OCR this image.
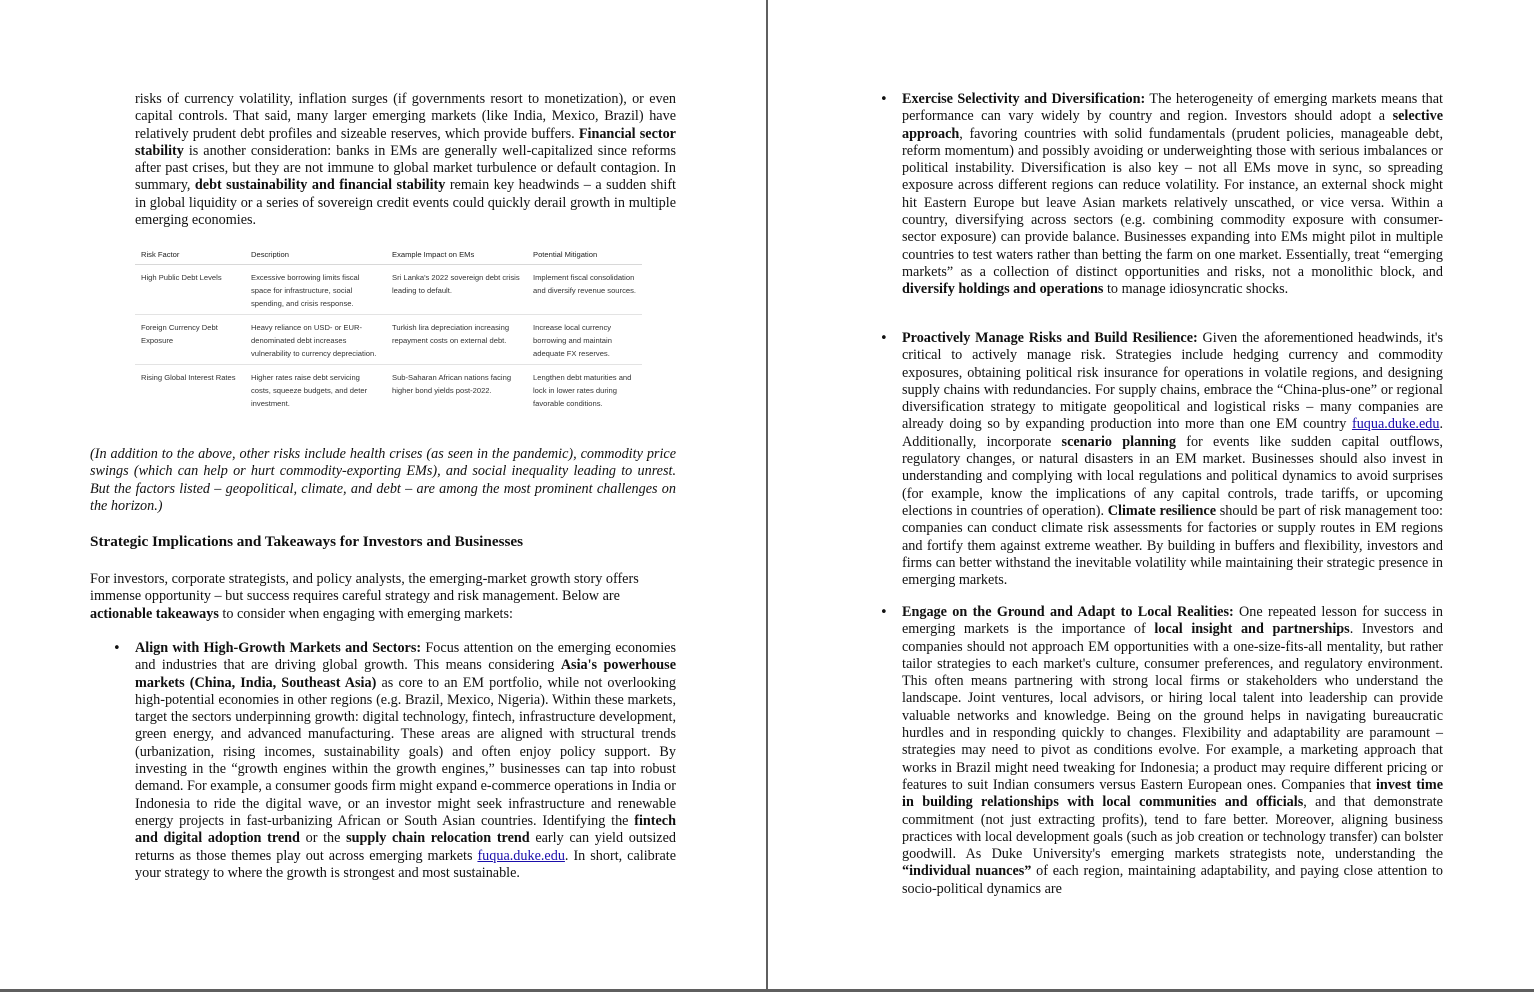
risks of currency volatility, inflation surges (if governments resort to monetization), or even capital controls. That said, many larger emerging markets (like India, Mexico, Brazil) have relatively prudent debt profiles and sizeable reserves, which provide buffers. Financial sector stability is another consideration: banks in EMs are generally well-capitalized since reforms after past crises, but they are not immune to global market turbulence or default contagion. In summary, debt sustainability and financial stability remain key headwinds – a sudden shift in global liquidity or a series of sovereign credit events could quickly derail growth in multiple emerging economies.

Risk Factor	Description	Example Impact on EMs	Potential Mitigation
High Public Debt Levels	Excessive borrowing limits fiscal space for infrastructure, social spending, and crisis response.	Sri Lanka's 2022 sovereign debt crisis leading to default.	Implement fiscal consolidation and diversify revenue sources.
Foreign Currency Debt Exposure	Heavy reliance on USD- or EUR-denominated debt increases vulnerability to currency depreciation.	Turkish lira depreciation increasing repayment costs on external debt.	Increase local currency borrowing and maintain adequate FX reserves.
Rising Global Interest Rates	Higher rates raise debt servicing costs, squeeze budgets, and deter investment.	Sub-Saharan African nations facing higher bond yields post-2022.	Lengthen debt maturities and lock in lower rates during favorable conditions.

(In addition to the above, other risks include health crises (as seen in the pandemic), commodity price swings (which can help or hurt commodity-exporting EMs), and social inequality leading to unrest. But the factors listed – geopolitical, climate, and debt – are among the most prominent challenges on the horizon.)

Strategic Implications and Takeaways for Investors and Businesses

For investors, corporate strategists, and policy analysts, the emerging-market growth story offers immense opportunity – but success requires careful strategy and risk management. Below are actionable takeaways to consider when engaging with emerging markets:

• Align with High-Growth Markets and Sectors: Focus attention on the emerging economies and industries that are driving global growth. This means considering Asia's powerhouse markets (China, India, Southeast Asia) as core to an EM portfolio, while not overlooking high-potential economies in other regions (e.g. Brazil, Mexico, Nigeria). Within these markets, target the sectors underpinning growth: digital technology, fintech, infrastructure development, green energy, and advanced manufacturing. These areas are aligned with structural trends (urbanization, rising incomes, sustainability goals) and often enjoy policy support. By investing in the “growth engines within the growth engines,” businesses can tap into robust demand. For example, a consumer goods firm might expand e-commerce operations in India or Indonesia to ride the digital wave, or an investor might seek infrastructure and renewable energy projects in fast-urbanizing African or South Asian countries. Identifying the fintech and digital adoption trend or the supply chain relocation trend early can yield outsized returns as those themes play out across emerging markets fuqua.duke.edu. In short, calibrate your strategy to where the growth is strongest and most sustainable.

• Exercise Selectivity and Diversification: The heterogeneity of emerging markets means that performance can vary widely by country and region. Investors should adopt a selective approach, favoring countries with solid fundamentals (prudent policies, manageable debt, reform momentum) and possibly avoiding or underweighting those with serious imbalances or political instability. Diversification is also key – not all EMs move in sync, so spreading exposure across different regions can reduce volatility. For instance, an external shock might hit Eastern Europe but leave Asian markets relatively unscathed, or vice versa. Within a country, diversifying across sectors (e.g. combining commodity exposure with consumer-sector exposure) can provide balance. Businesses expanding into EMs might pilot in multiple countries to test waters rather than betting the farm on one market. Essentially, treat “emerging markets” as a collection of distinct opportunities and risks, not a monolithic block, and diversify holdings and operations to manage idiosyncratic shocks.

• Proactively Manage Risks and Build Resilience: Given the aforementioned headwinds, it's critical to actively manage risk. Strategies include hedging currency and commodity exposures, obtaining political risk insurance for operations in volatile regions, and designing supply chains with redundancies. For supply chains, embrace the “China-plus-one” or regional diversification strategy to mitigate geopolitical and logistical risks – many companies are already doing so by expanding production into more than one EM country fuqua.duke.edu. Additionally, incorporate scenario planning for events like sudden capital outflows, regulatory changes, or natural disasters in an EM market. Businesses should also invest in understanding and complying with local regulations and political dynamics to avoid surprises (for example, know the implications of any capital controls, trade tariffs, or upcoming elections in countries of operation). Climate resilience should be part of risk management too: companies can conduct climate risk assessments for factories or supply routes in EM regions and fortify them against extreme weather. By building in buffers and flexibility, investors and firms can better withstand the inevitable volatility while maintaining their strategic presence in emerging markets.

• Engage on the Ground and Adapt to Local Realities: One repeated lesson for success in emerging markets is the importance of local insight and partnerships. Investors and companies should not approach EM opportunities with a one-size-fits-all mentality, but rather tailor strategies to each market's culture, consumer preferences, and regulatory environment. This often means partnering with strong local firms or stakeholders who understand the landscape. Joint ventures, local advisors, or hiring local talent into leadership can provide valuable networks and knowledge. Being on the ground helps in navigating bureaucratic hurdles and in responding quickly to changes. Flexibility and adaptability are paramount – strategies may need to pivot as conditions evolve. For example, a marketing approach that works in Brazil might need tweaking for Indonesia; a product may require different pricing or features to suit Indian consumers versus Eastern European ones. Companies that invest time in building relationships with local communities and officials, and that demonstrate commitment (not just extracting profits), tend to fare better. Moreover, aligning business practices with local development goals (such as job creation or technology transfer) can bolster goodwill. As Duke University's emerging markets strategists note, understanding the “individual nuances” of each region, maintaining adaptability, and paying close attention to socio-political dynamics are
